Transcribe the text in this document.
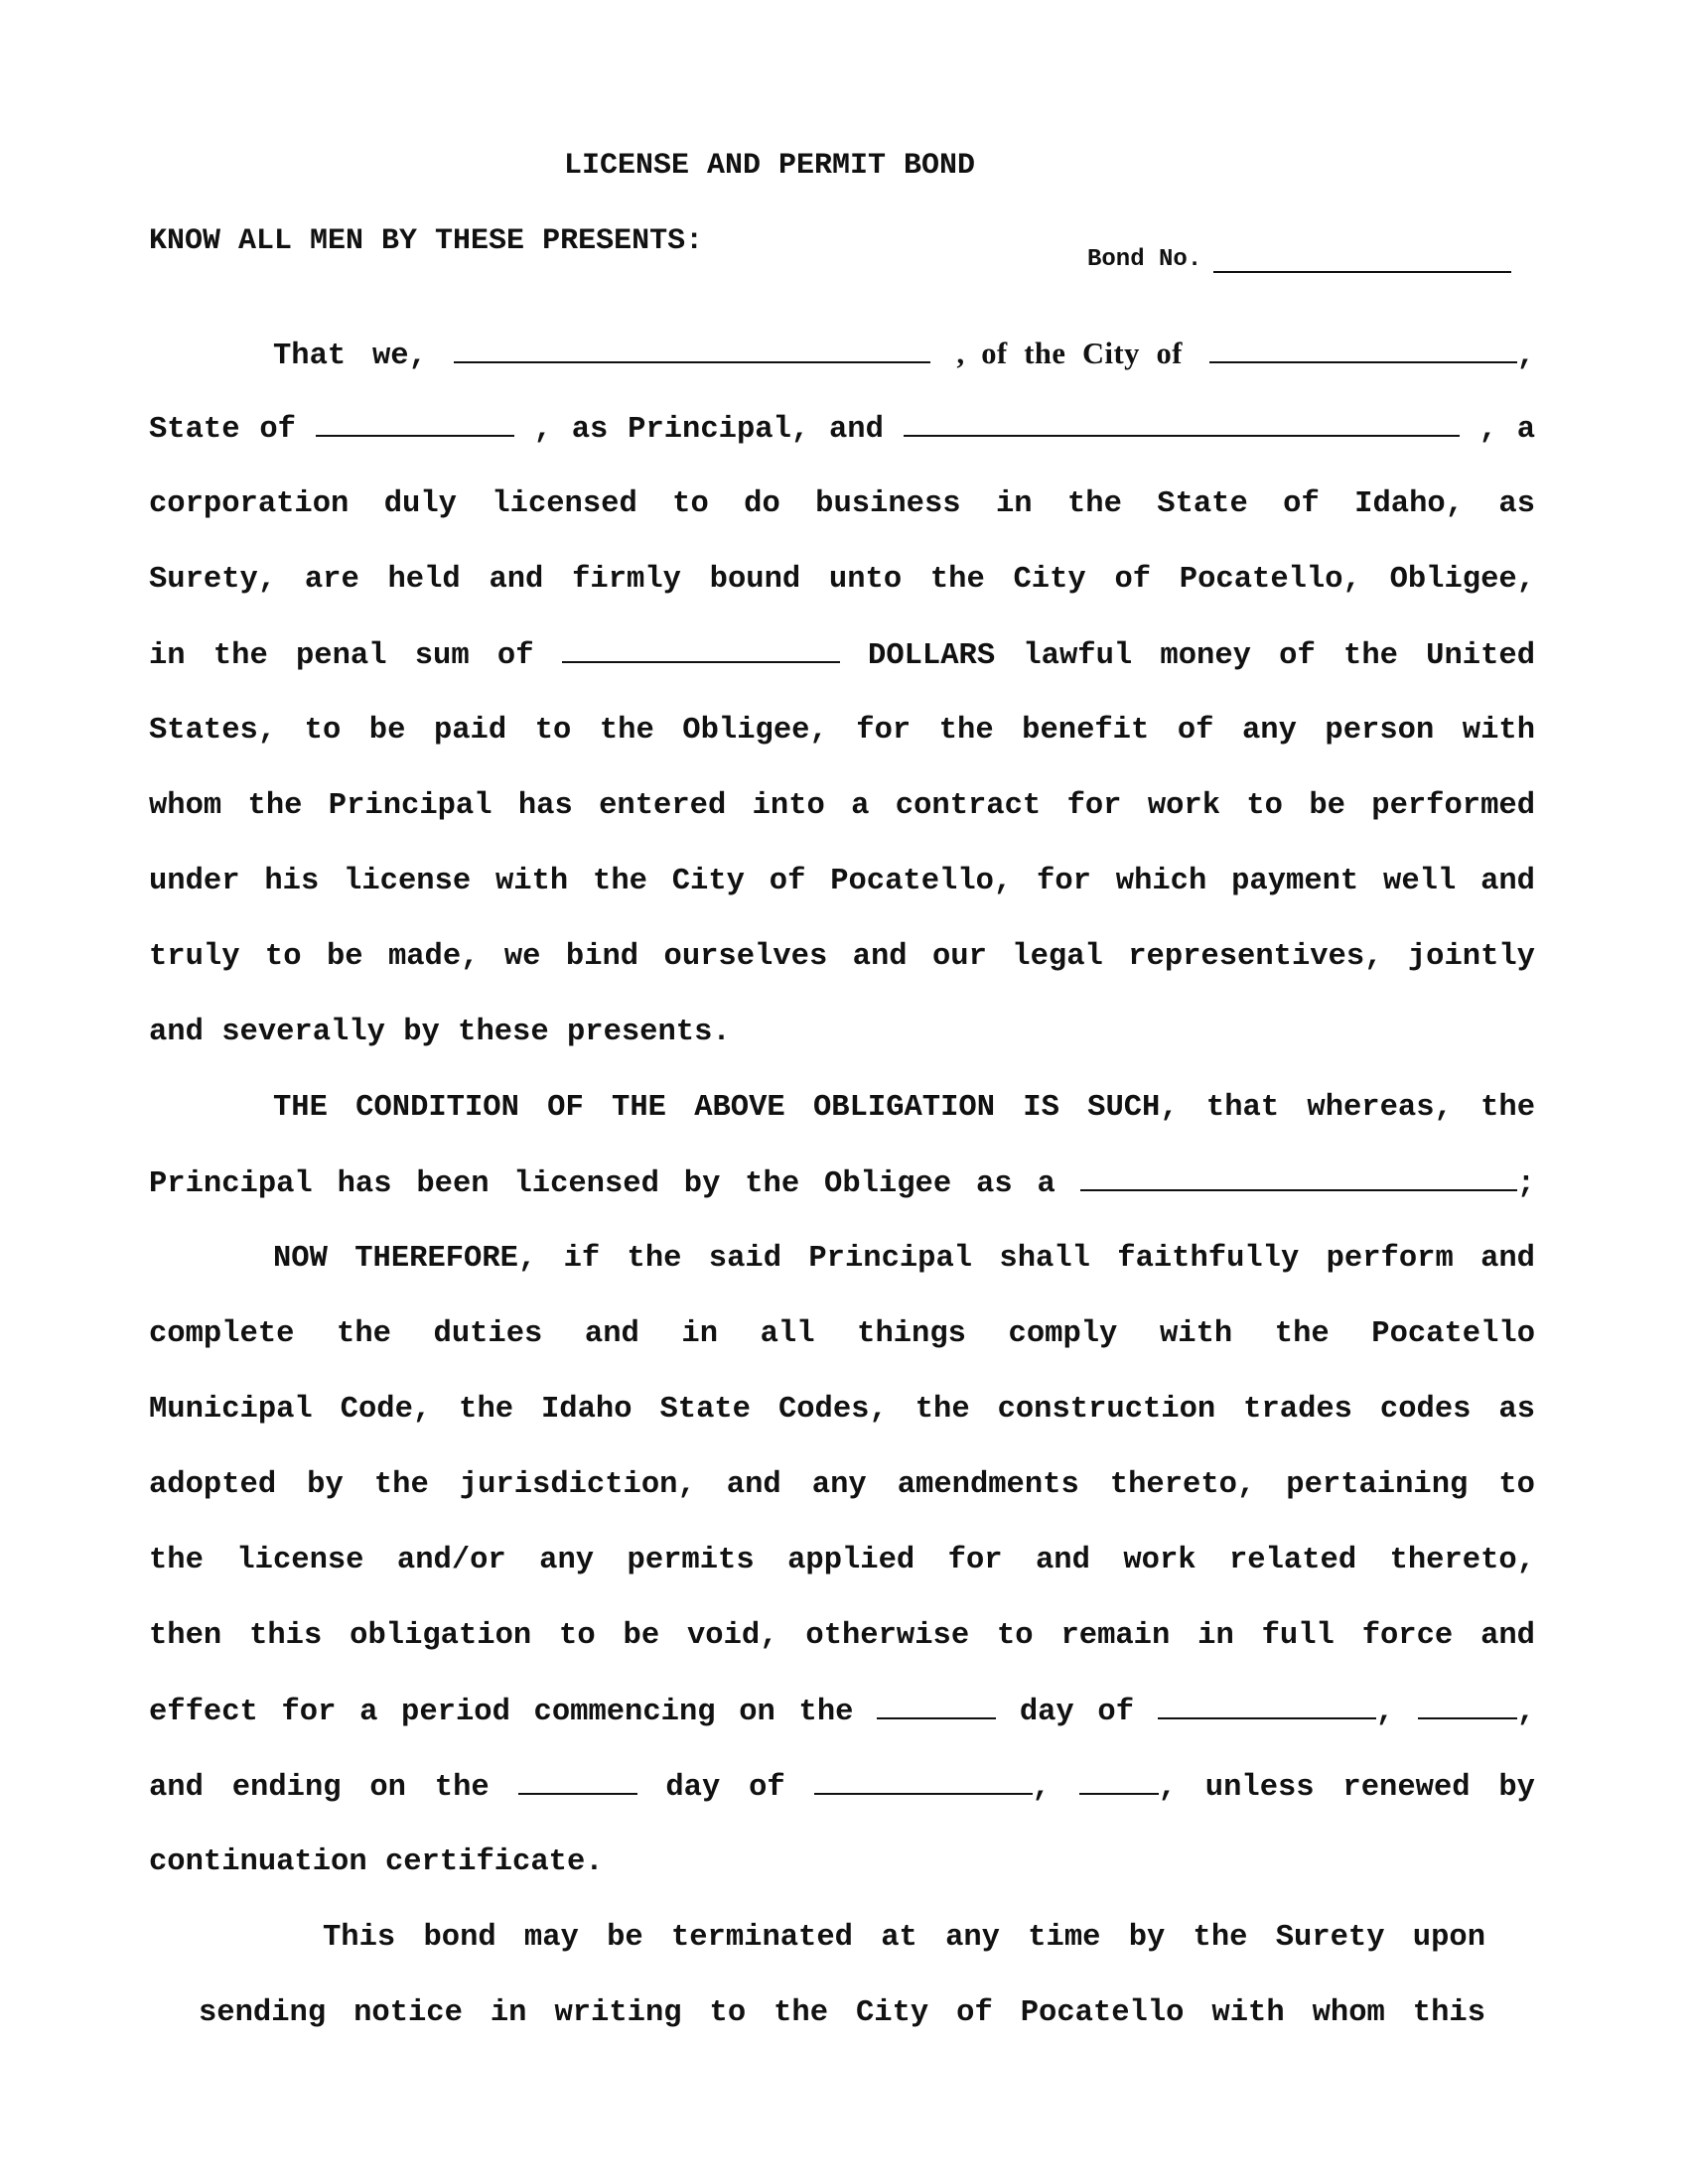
LICENSE AND PERMIT BOND
KNOW ALL MEN BY THESE PRESENTS:
Bond No.
That we,	, of the City of	,
State of	, as Principal, and	, a
corporation duly licensed to do business in the State of Idaho, as
Surety, are held and firmly bound unto the City of Pocatello, Obligee,
in the penal sum of	DOLLARS lawful money of the United
States, to be paid to the Obligee, for the benefit of any person with
whom the Principal has entered into a contract for work to be performed
under his license with the City of Pocatello, for which payment well and
truly to be made, we bind ourselves and our legal representives, jointly
and severally by these presents.
THE CONDITION OF THE ABOVE OBLIGATION IS SUCH, that whereas, the
Principal has been licensed by the Obligee as a	;
NOW THEREFORE, if the said Principal shall faithfully perform and
complete the duties and in all things comply with the Pocatello
Municipal Code, the Idaho State Codes, the construction trades codes as
adopted by the jurisdiction, and any amendments thereto, pertaining to
the license and/or any permits applied for and work related thereto,
then this obligation to be void, otherwise to remain in full force and
effect for a period commencing on the	day of	,	,
and ending on the	day of	,	, unless renewed by
continuation certificate.
This bond may be terminated at any time by the Surety upon
sending notice in writing to the City of Pocatello with whom this
